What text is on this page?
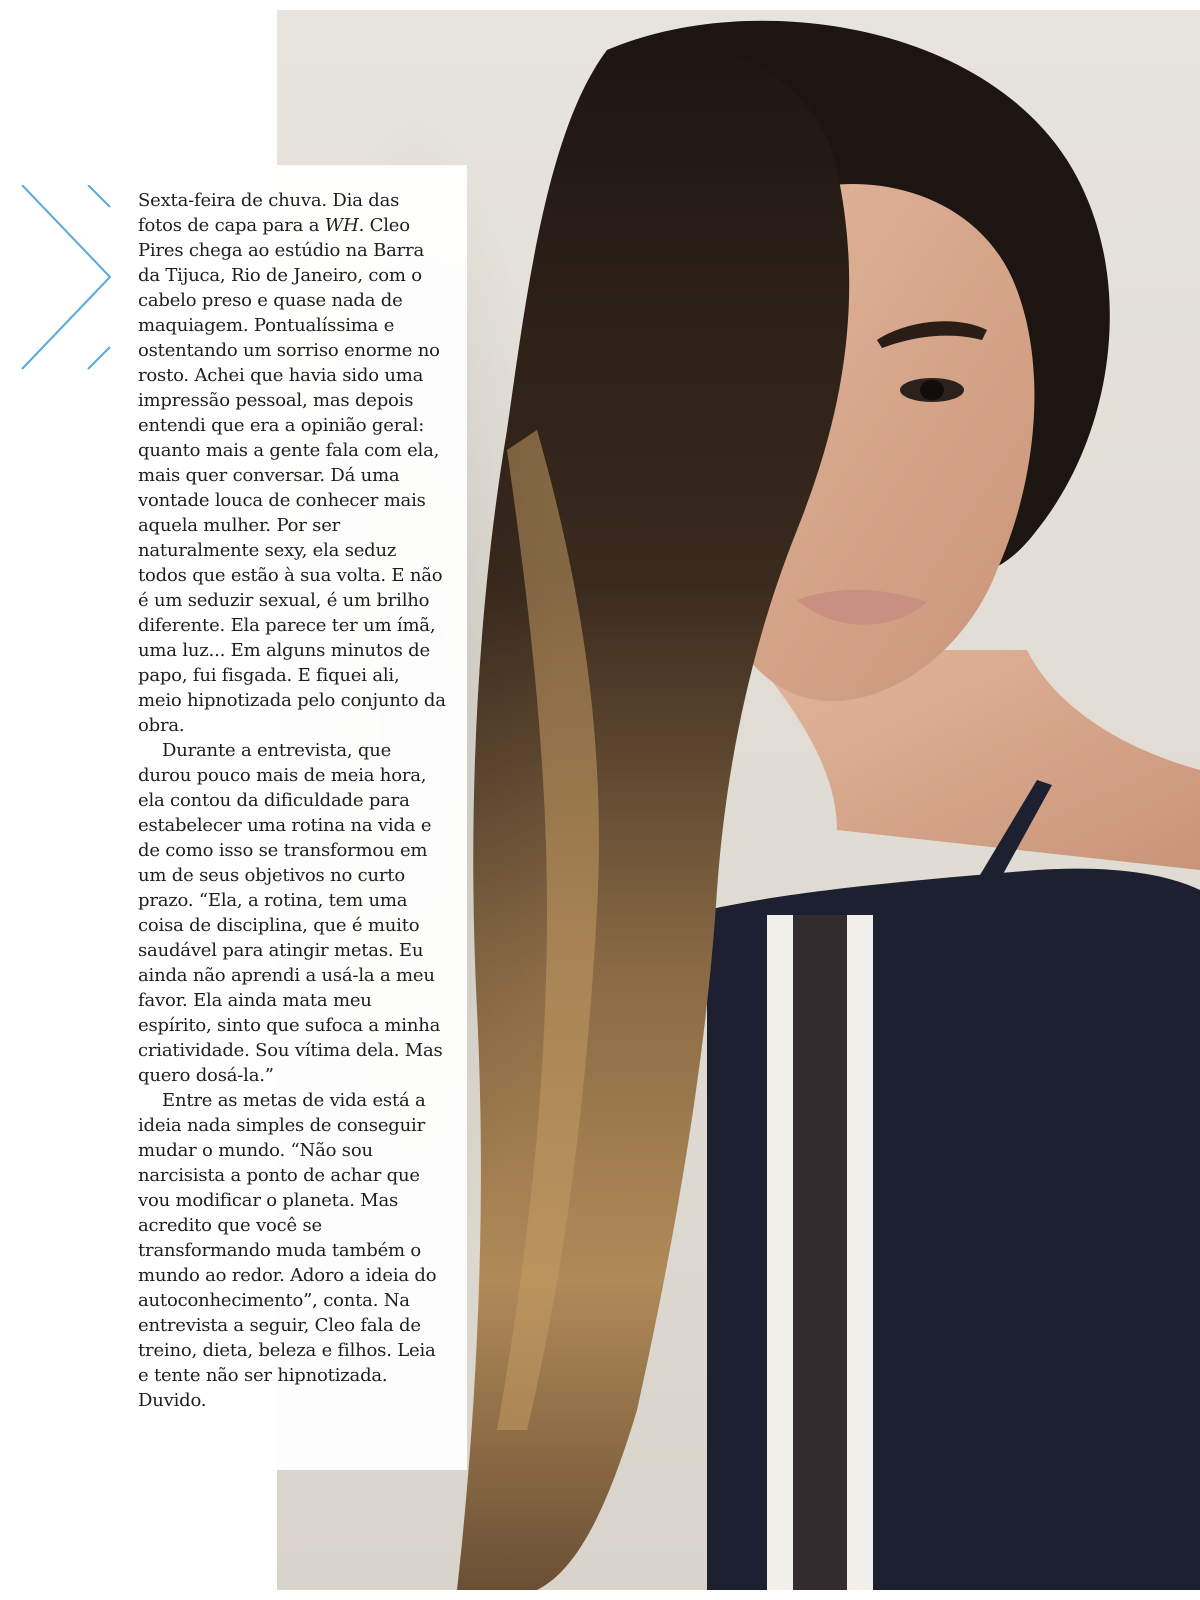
Sexta-feira de chuva. Dia das fotos de capa para a WH. Cleo Pires chega ao estúdio na Barra da Tijuca, Rio de Janeiro, com o cabelo preso e quase nada de maquiagem. Pontualíssima e ostentando um sorriso enorme no rosto. Achei que havia sido uma impressão pessoal, mas depois entendi que era a opinião geral: quanto mais a gente fala com ela, mais quer conversar. Dá uma vontade louca de conhecer mais aquela mulher. Por ser naturalmente sexy, ela seduz todos que estão à sua volta. E não é um seduzir sexual, é um brilho diferente. Ela parece ter um ímã, uma luz... Em alguns minutos de papo, fui fisgada. E fiquei ali, meio hipnotizada pelo conjunto da obra.

Durante a entrevista, que durou pouco mais de meia hora, ela contou da dificuldade para estabelecer uma rotina na vida e de como isso se transformou em um de seus objetivos no curto prazo. “Ela, a rotina, tem uma coisa de disciplina, que é muito saudável para atingir metas. Eu ainda não aprendi a usá-la a meu favor. Ela ainda mata meu espírito, sinto que sufoca a minha criatividade. Sou vítima dela. Mas quero dosá-la.”

Entre as metas de vida está a ideia nada simples de conseguir mudar o mundo. “Não sou narcisista a ponto de achar que vou modificar o planeta. Mas acredito que você se transformando muda também o mundo ao redor. Adoro a ideia do autoconhecimento”, conta. Na entrevista a seguir, Cleo fala de treino, dieta, beleza e filhos. Leia e tente não ser hipnotizada. Duvido.
